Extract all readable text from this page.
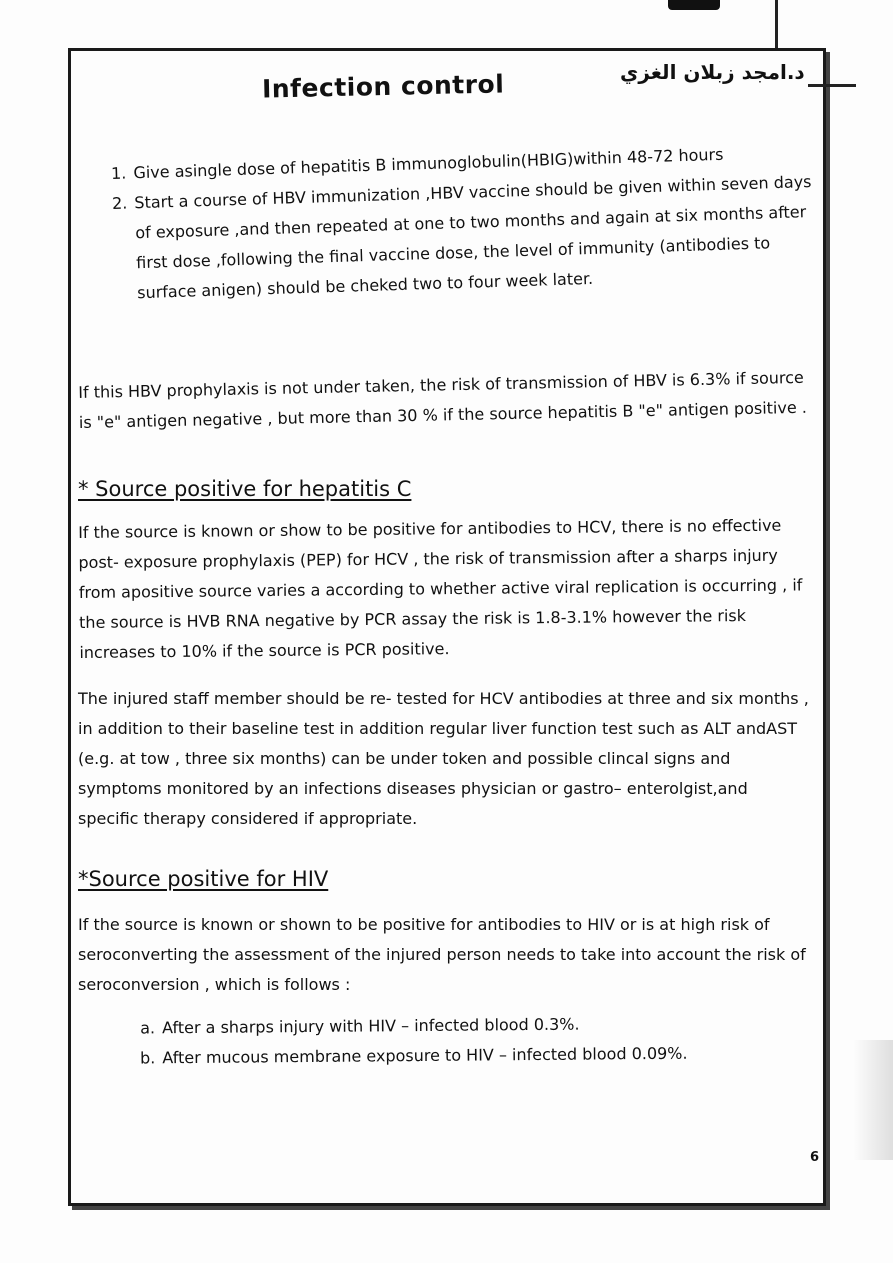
Infection control	د.امجد زبلان الغزي
1. Give asingle dose of hepatitis B immunoglobulin(HBIG)within 48-72 hours
2. Start a course of HBV immunization ,HBV vaccine should be given within seven days of exposure ,and then repeated at one to two months and again at six months after first dose ,following the final vaccine dose, the level of immunity (antibodies to surface anigen) should be cheked two to four week later.

If this HBV prophylaxis is not under taken, the risk of transmission of HBV is 6.3% if source is "e" antigen negative , but more than 30 % if the source hepatitis B "e" antigen positive .

* Source positive for hepatitis C

If the source is known or show to be positive for antibodies to HCV, there is no effective post- exposure prophylaxis (PEP) for HCV , the risk of transmission after a sharps injury from apositive source varies a according to whether active viral replication is occurring , if the source is HVB RNA negative by PCR assay the risk is 1.8-3.1% however the risk increases to 10% if the source is PCR positive.

The injured staff member should be re- tested for HCV antibodies at three and six months , in addition to their baseline test in addition regular liver function test such as ALT andAST (e.g. at tow , three six months) can be under token and possible clincal signs and symptoms monitored by an infections diseases physician or gastro– enterolgist,and specific therapy considered if appropriate.

*Source positive for HIV

If the source is known or shown to be positive for antibodies to HIV or is at high risk of seroconverting the assessment of the injured person needs to take into account the risk of seroconversion , which is follows :

a. After a sharps injury with HIV – infected blood 0.3%.
b. After mucous membrane exposure to HIV – infected blood 0.09%.
6
